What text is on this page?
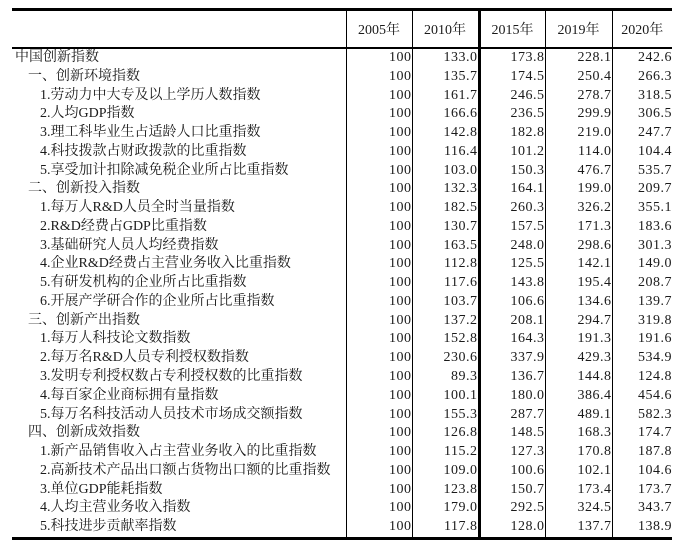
	2005年	2010年	2015年	2019年	2020年
中国创新指数	100	133.0	173.8	228.1	242.6
一、创新环境指数	100	135.7	174.5	250.4	266.3
1.劳动力中大专及以上学历人数指数	100	161.7	246.5	278.7	318.5
2.人均GDP指数	100	166.6	236.5	299.9	306.5
3.理工科毕业生占适龄人口比重指数	100	142.8	182.8	219.0	247.7
4.科技拨款占财政拨款的比重指数	100	116.4	101.2	114.0	104.4
5.享受加计扣除减免税企业所占比重指数	100	103.0	150.3	476.7	535.7
二、创新投入指数	100	132.3	164.1	199.0	209.7
1.每万人R&D人员全时当量指数	100	182.5	260.3	326.2	355.1
2.R&D经费占GDP比重指数	100	130.7	157.5	171.3	183.6
3.基础研究人员人均经费指数	100	163.5	248.0	298.6	301.3
4.企业R&D经费占主营业务收入比重指数	100	112.8	125.5	142.1	149.0
5.有研发机构的企业所占比重指数	100	117.6	143.8	195.4	208.7
6.开展产学研合作的企业所占比重指数	100	103.7	106.6	134.6	139.7
三、创新产出指数	100	137.2	208.1	294.7	319.8
1.每万人科技论文数指数	100	152.8	164.3	191.3	191.6
2.每万名R&D人员专利授权数指数	100	230.6	337.9	429.3	534.9
3.发明专利授权数占专利授权数的比重指数	100	89.3	136.7	144.8	124.8
4.每百家企业商标拥有量指数	100	100.1	180.0	386.4	454.6
5.每万名科技活动人员技术市场成交额指数	100	155.3	287.7	489.1	582.3
四、创新成效指数	100	126.8	148.5	168.3	174.7
1.新产品销售收入占主营业务收入的比重指数	100	115.2	127.3	170.8	187.8
2.高新技术产品出口额占货物出口额的比重指数	100	109.0	100.6	102.1	104.6
3.单位GDP能耗指数	100	123.8	150.7	173.4	173.7
4.人均主营业务收入指数	100	179.0	292.5	324.5	343.7
5.科技进步贡献率指数	100	117.8	128.0	137.7	138.9
